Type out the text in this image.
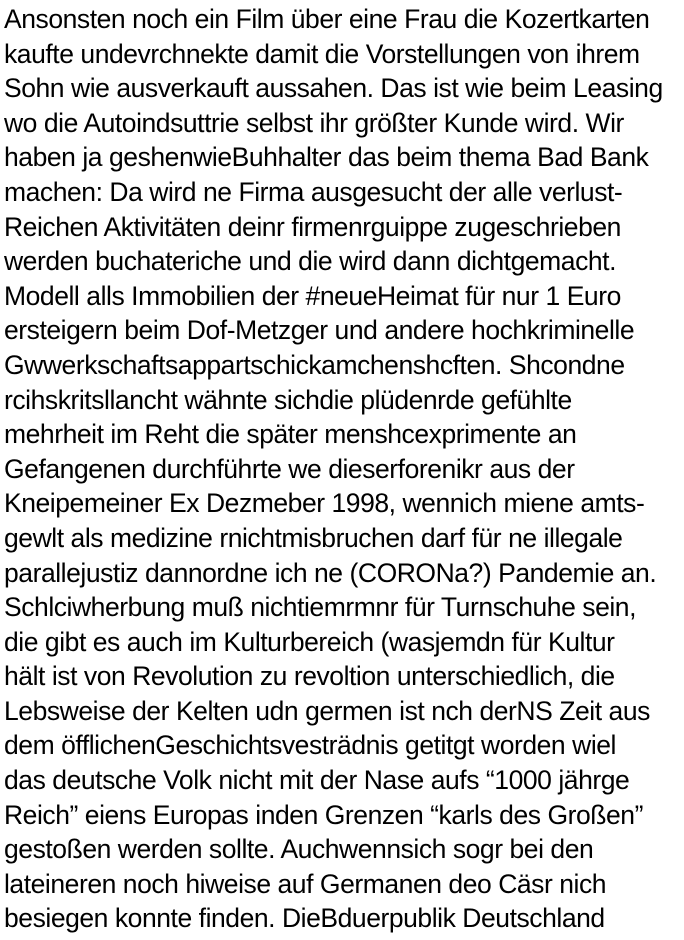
Ansonsten noch ein Film über eine Frau die Kozertkarten
kaufte undevrchnekte damit die Vorstellungen von ihrem
Sohn wie ausverkauft aussahen. Das ist wie beim Leasing
wo die Autoindsuttrie selbst ihr größter Kunde wird. Wir
haben ja geshenwieBuhhalter das beim thema Bad Bank
machen: Da wird ne Firma ausgesucht der alle verlust-
Reichen Aktivitäten deinr firmenrguippe zugeschrieben
werden buchateriche und die wird dann dichtgemacht.
Modell alls Immobilien der #neueHeimat für nur 1 Euro
ersteigern beim Dof-Metzger und andere hochkriminelle
Gwwerkschaftsappartschickamchenshcften. Shcondne
rcihskritsllancht wähnte sichdie plüdenrde gefühlte
mehrheit im Reht die später menshcexprimente an
Gefangenen durchführte we dieserforenikr aus der
Kneipemeiner Ex Dezmeber 1998, wennich miene amts-
gewlt als medizine rnichtmisbruchen darf für ne illegale
parallejustiz dannordne ich ne (CORONa?) Pandemie an.
Schlciwherbung muß nichtiemrmnr für Turnschuhe sein,
die gibt es auch im Kulturbereich (wasjemdn für Kultur
hält ist von Revolution zu revoltion unterschiedlich, die
Lebsweise der Kelten udn germen ist nch derNS Zeit aus
dem öfflichenGeschichtsvesträdnis getitgt worden wiel
das deutsche Volk nicht mit der Nase aufs “1000 jährge
Reich” eiens Europas inden Grenzen “karls des Großen”
gestoßen werden sollte. Auchwennsich sogr bei den
lateineren noch hiweise auf Germanen deo Cäsr nich
besiegen konnte finden. DieBduerpublik Deutschland
